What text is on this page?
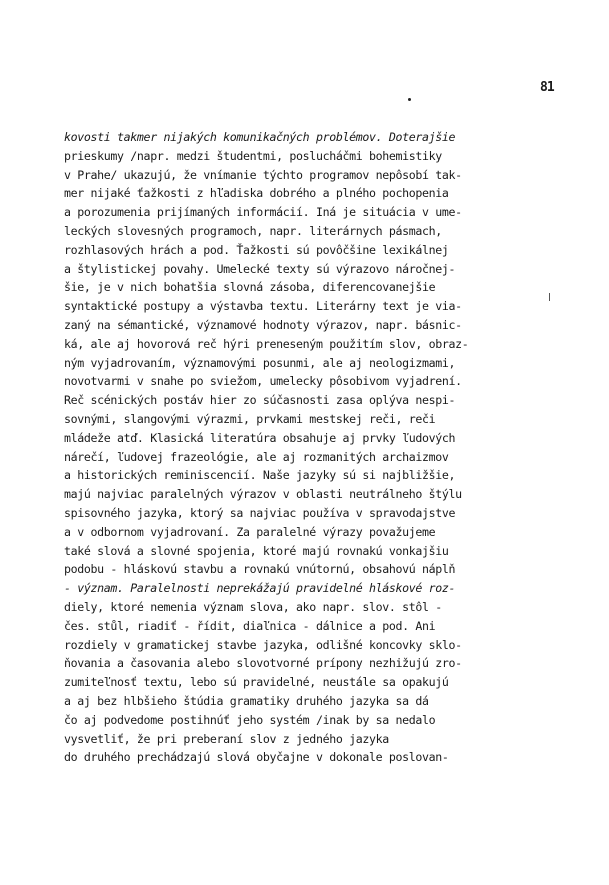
81
kovosti takmer nijakých komunikačných problémov. Doterajšie
prieskumy /napr. medzi študentmi, poslucháčmi bohemistiky
v Prahe/ ukazujú, že vnímanie týchto programov nepôsobí tak-
mer nijaké ťažkosti z hľadiska dobrého a plného pochopenia
a porozumenia prijímaných informácií. Iná je situácia v ume-
leckých slovesných programoch, napr. literárnych pásmach,
rozhlasových hrách a pod. Ťažkosti sú povôčšine lexikálnej
a štylistickej povahy. Umelecké texty sú výrazovo náročnej-
šie, je v nich bohatšia slovná zásoba, diferencovanejšie
syntaktické postupy a výstavba textu. Literárny text je via-
zaný na sémantické, významové hodnoty výrazov, napr. básnic-
ká, ale aj hovorová reč hýri preneseným použitím slov, obraz-
ným vyjadrovaním, významovými posunmi, ale aj neologizmami,
novotvarmi v snahe po sviežom, umelecky pôsobivom vyjadrení.
Reč scénických postáv hier zo súčasnosti zasa oplýva nespi-
sovnými, slangovými výrazmi, prvkami mestskej reči, reči
mládeže atď. Klasická literatúra obsahuje aj prvky ľudových
nárečí, ľudovej frazeológie, ale aj rozmanitých archaizmov
a historických reminiscencií. Naše jazyky sú si najbližšie,
majú najviac paralelných výrazov v oblasti neutrálneho štýlu
spisovného jazyka, ktorý sa najviac používa v spravodajstve
a v odbornom vyjadrovaní. Za paralelné výrazy považujeme
také slová a slovné spojenia, ktoré majú rovnakú vonkajšiu
podobu - hláskovú stavbu a rovnakú vnútornú, obsahovú náplň
- význam. Paralelnosti neprekážajú pravidelné hláskové roz-
diely, ktoré nemenia význam slova, ako napr. slov. stôl -
čes. stůl, riadiť - řídit, diaľnica - dálnice a pod. Ani
rozdiely v gramatickej stavbe jazyka, odlišné koncovky sklo-
ňovania a časovania alebo slovotvorné prípony nezhižujú zro-
zumiteľnosť textu, lebo sú pravidelné, neustále sa opakujú
a aj bez hlbšieho štúdia gramatiky druhého jazyka sa dá
čo aj podvedome postihnúť jeho systém /inak by sa nedalo
vysvetliť, že pri preberaní slov z jedného jazyka
do druhého prechádzajú slová obyčajne v dokonale poslovan-
